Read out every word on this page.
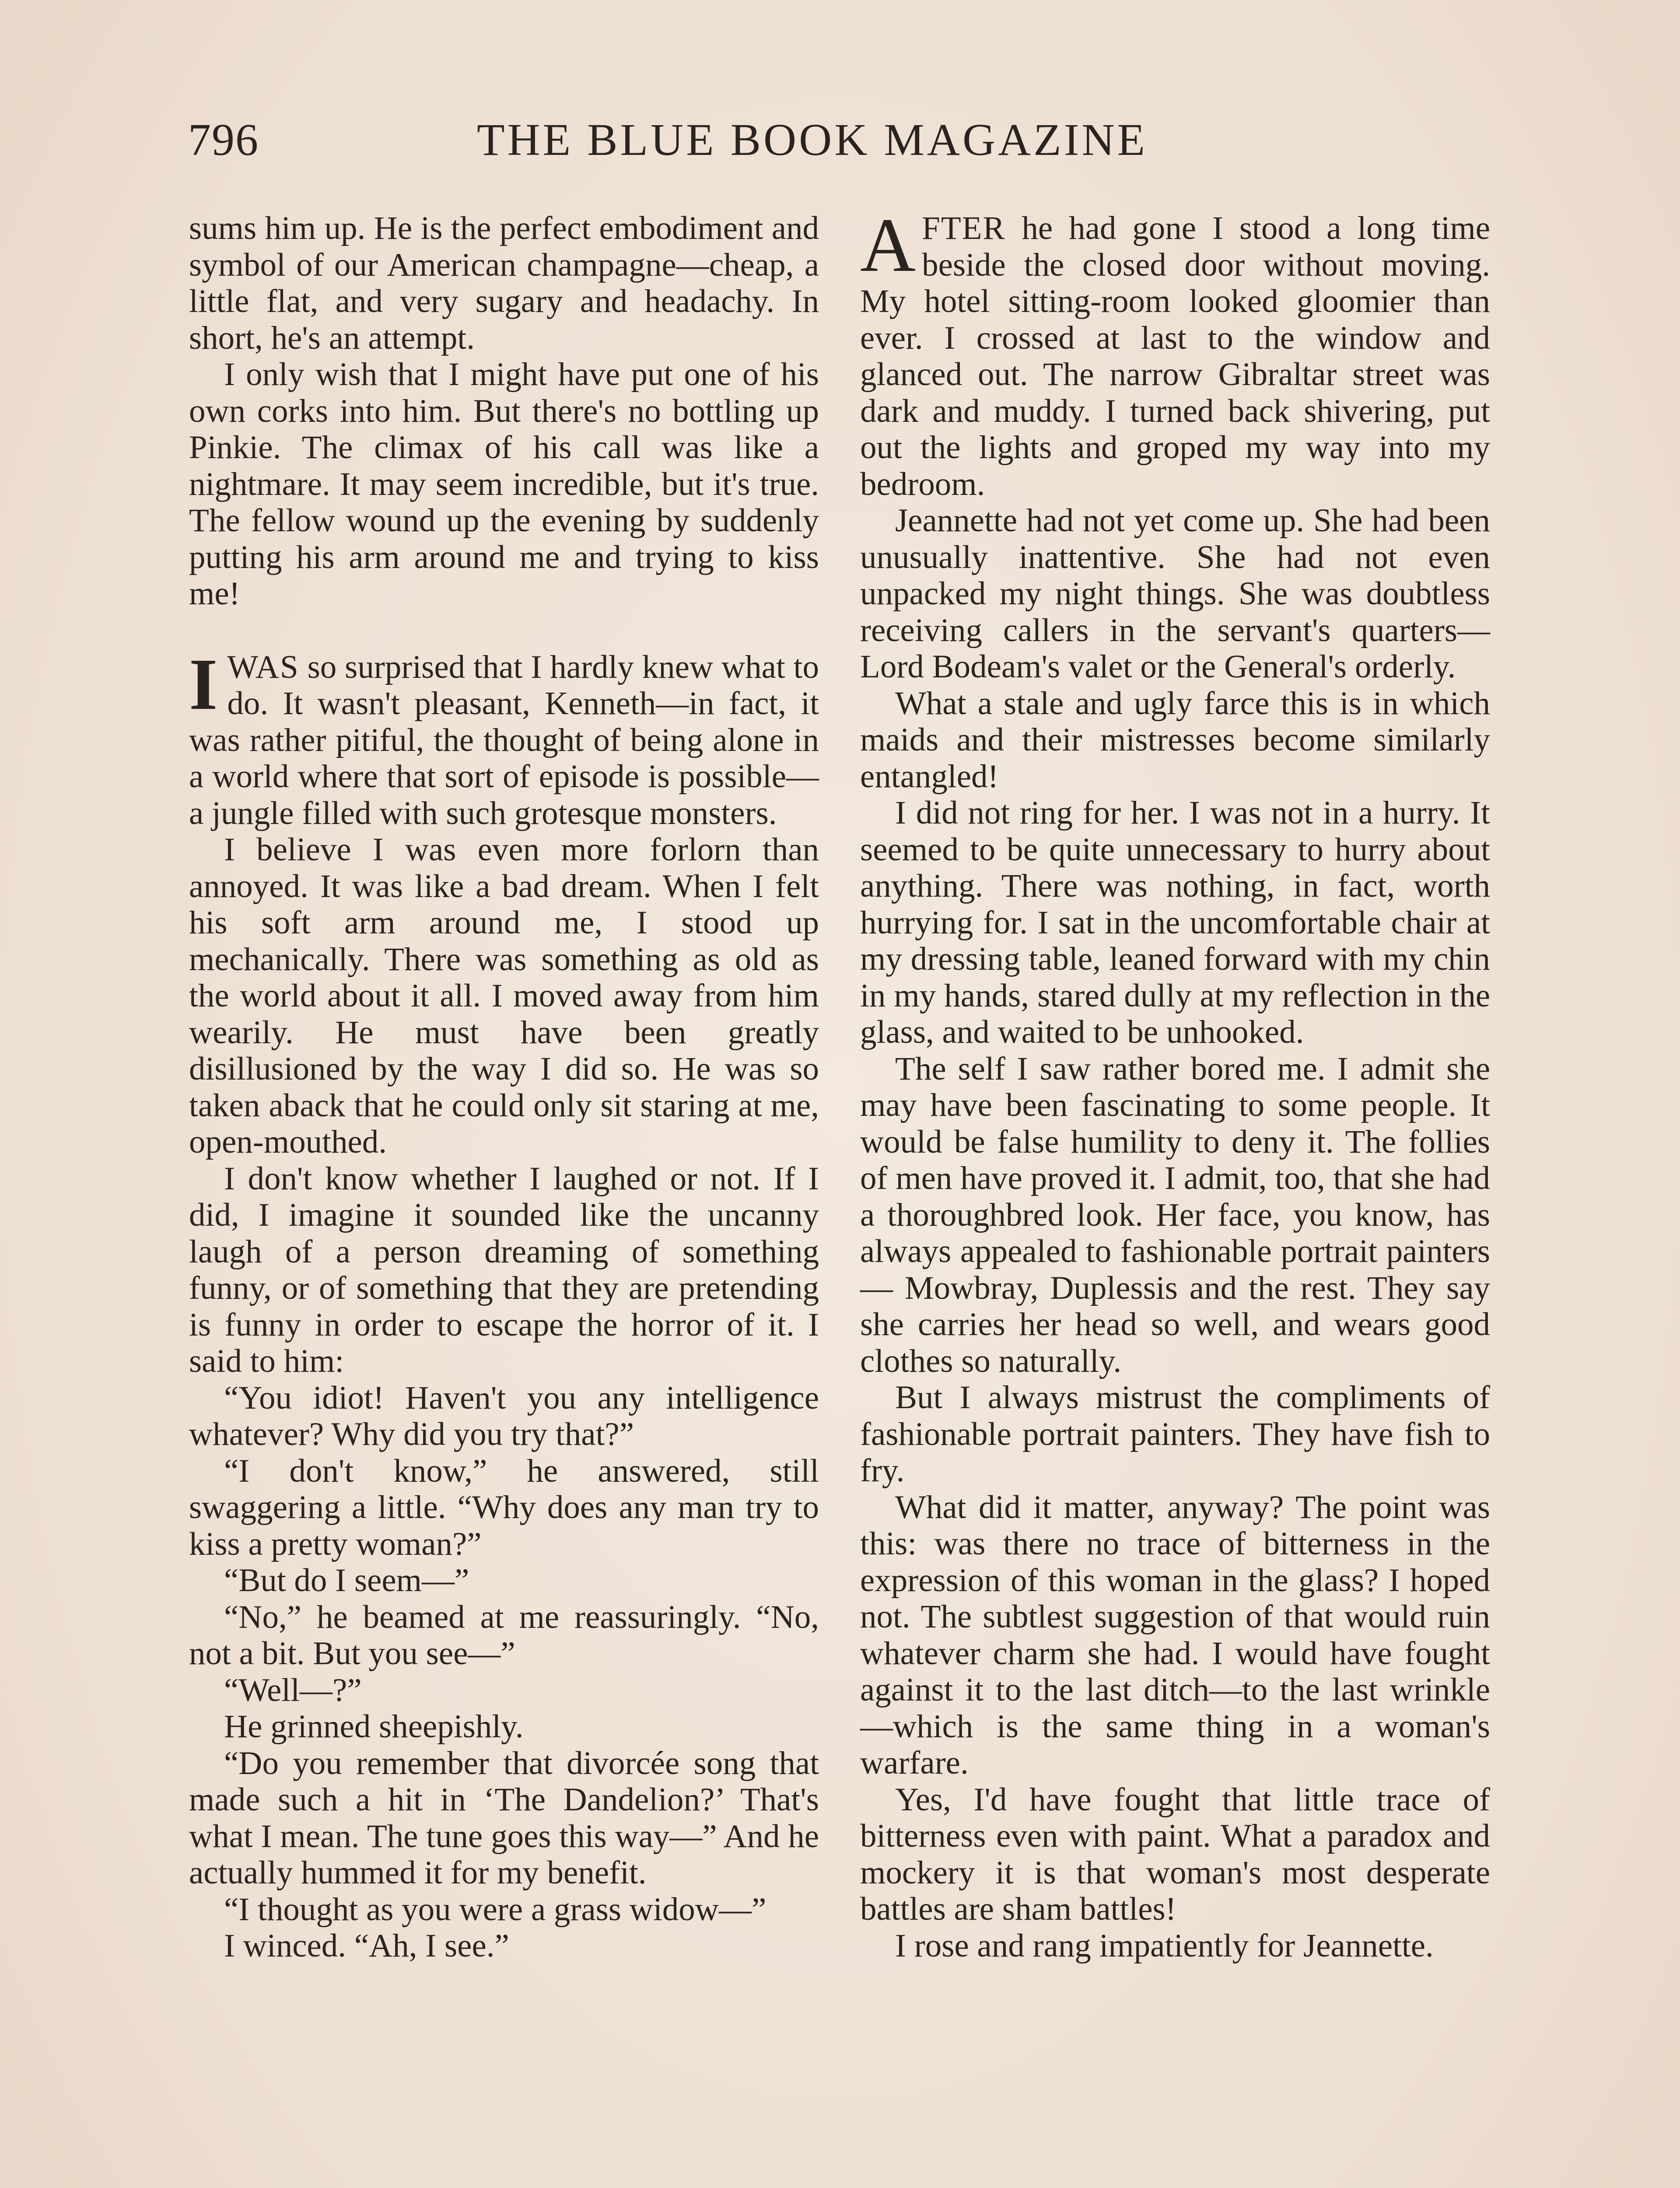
796	THE BLUE BOOK MAGAZINE

sums him up. He is the perfect embodiment and symbol of our American champagne—cheap, a little flat, and very sugary and headachy. In short, he's an attempt.

I only wish that I might have put one of his own corks into him. But there's no bottling up Pinkie. The climax of his call was like a nightmare. It may seem incredible, but it's true. The fellow wound up the evening by suddenly putting his arm around me and trying to kiss me!

IWAS so surprised that I hardly knew what to do. It wasn't pleasant, Kenneth—in fact, it was rather pitiful, the thought of being alone in a world where that sort of episode is possible—a jungle filled with such grotesque monsters.

I believe I was even more forlorn than annoyed. It was like a bad dream. When I felt his soft arm around me, I stood up mechanically. There was something as old as the world about it all. I moved away from him wearily. He must have been greatly disillusioned by the way I did so. He was so taken aback that he could only sit staring at me, open-mouthed.

I don't know whether I laughed or not. If I did, I imagine it sounded like the uncanny laugh of a person dreaming of something funny, or of something that they are pretending is funny in order to escape the horror of it. I said to him:

“You idiot! Haven't you any intelligence whatever? Why did you try that?”

“I don't know,” he answered, still swaggering a little. “Why does any man try to kiss a pretty woman?”

“But do I seem—”

“No,” he beamed at me reassuringly. “No, not a bit. But you see—”

“Well—?”

He grinned sheepishly.

“Do you remember that divorcée song that made such a hit in ‘The Dandelion?’ That's what I mean. The tune goes this way—” And he actually hummed it for my benefit.

“I thought as you were a grass widow—”

I winced. “Ah, I see.”

AFTER he had gone I stood a long time beside the closed door without moving. My hotel sitting-room looked gloomier than ever. I crossed at last to the window and glanced out. The narrow Gibraltar street was dark and muddy. I turned back shivering, put out the lights and groped my way into my bedroom.

Jeannette had not yet come up. She had been unusually inattentive. She had not even unpacked my night things. She was doubtless receiving callers in the servant's quarters—Lord Bodeam's valet or the General's orderly.

What a stale and ugly farce this is in which maids and their mistresses become similarly entangled!

I did not ring for her. I was not in a hurry. It seemed to be quite unnecessary to hurry about anything. There was nothing, in fact, worth hurrying for. I sat in the uncomfortable chair at my dressing table, leaned forward with my chin in my hands, stared dully at my reflection in the glass, and waited to be unhooked.

The self I saw rather bored me. I admit she may have been fascinating to some people. It would be false humility to deny it. The follies of men have proved it. I admit, too, that she had a thoroughbred look. Her face, you know, has always appealed to fashionable portrait painters — Mowbray, Duplessis and the rest. They say she carries her head so well, and wears good clothes so naturally.

But I always mistrust the compliments of fashionable portrait painters. They have fish to fry.

What did it matter, anyway? The point was this: was there no trace of bitterness in the expression of this woman in the glass? I hoped not. The subtlest suggestion of that would ruin whatever charm she had. I would have fought against it to the last ditch—to the last wrinkle—which is the same thing in a woman's warfare.

Yes, I'd have fought that little trace of bitterness even with paint. What a paradox and mockery it is that woman's most desperate battles are sham battles!

I rose and rang impatiently for Jeannette.
